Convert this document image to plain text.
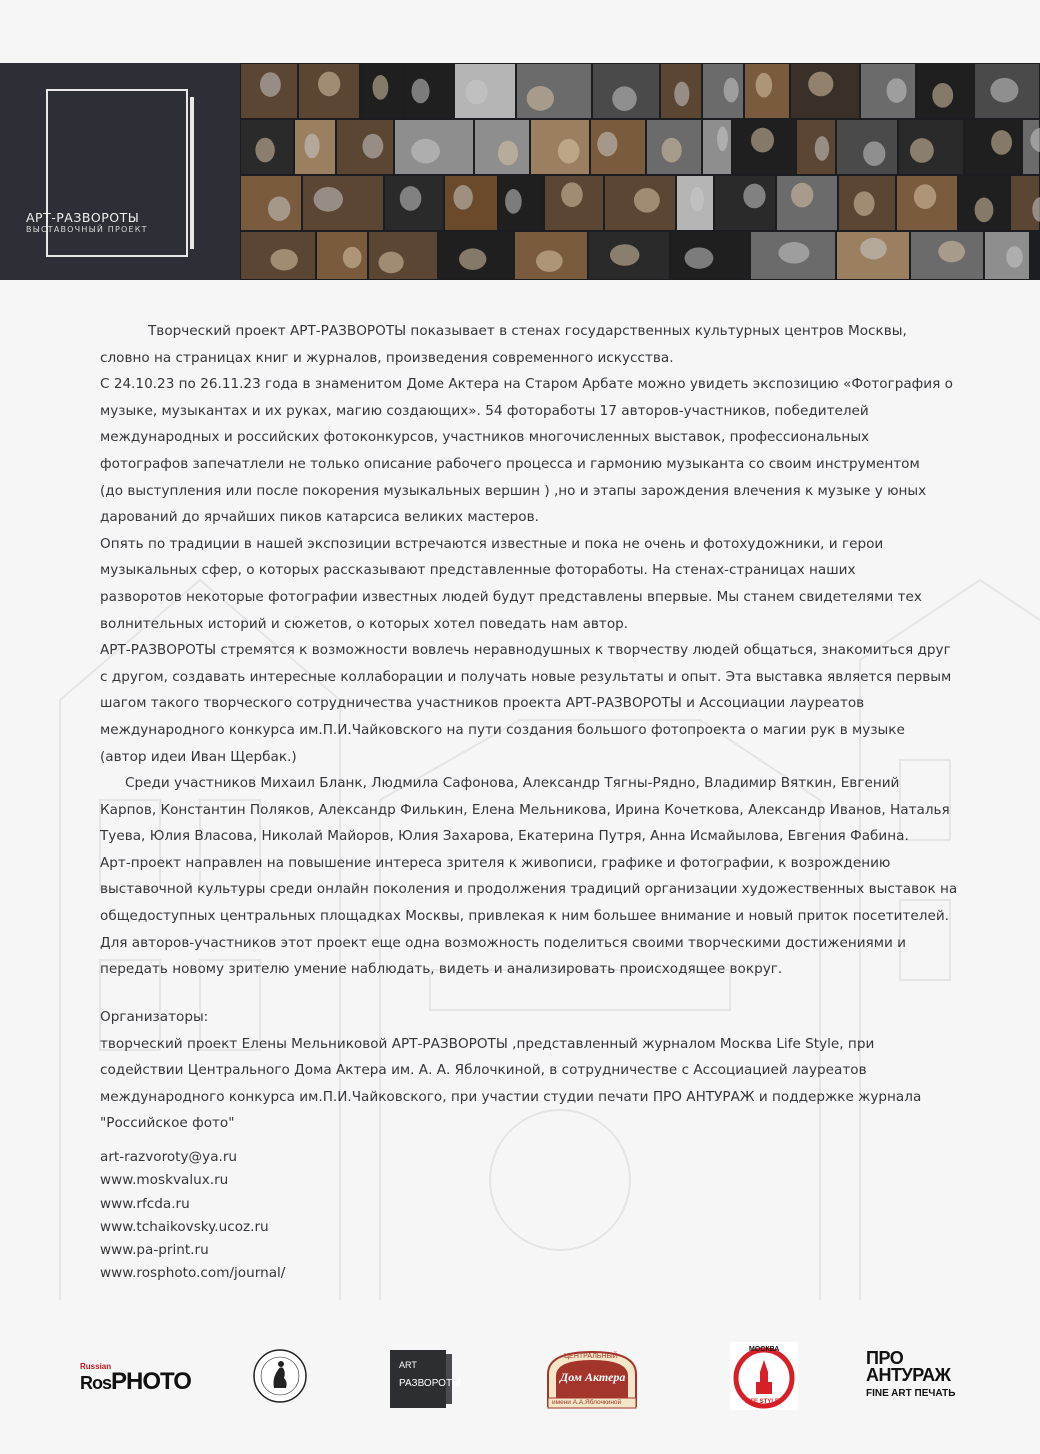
АРТ-РАЗВОРОТЫ
ВЫСТАВОЧНЫЙ ПРОЕКТ

Творческий проект АРТ-РАЗВОРОТЫ показывает в стенах государственных культурных центров Москвы,

словно на страницах книг и журналов, произведения современного искусства.

С 24.10.23 по 26.11.23 года в знаменитом Доме Актера на Старом Арбате можно увидеть экспозицию «Фотография о

музыке, музыкантах и их руках, магию создающих». 54 фотоработы 17 авторов-участников, победителей

международных и российских фотоконкурсов, участников многочисленных выставок, профессиональных

фотографов запечатлели не только описание рабочего процесса и гармонию музыканта со своим инструментом

(до выступления или после покорения музыкальных вершин ) ,но и этапы зарождения влечения к музыке у юных

дарований до ярчайших пиков катарсиса великих мастеров.

Опять по традиции в нашей экспозиции встречаются известные и пока не очень и фотохудожники, и герои

музыкальных сфер, о которых рассказывают представленные фотоработы. На стенах-страницах наших

разворотов некоторые фотографии известных людей будут представлены впервые. Мы станем свидетелями тех

волнительных историй и сюжетов, о которых хотел поведать нам автор.

АРТ-РАЗВОРОТЫ стремятся к возможности вовлечь неравнодушных к творчеству людей общаться, знакомиться друг

с другом, создавать интересные коллаборации и получать новые результаты и опыт. Эта выставка является первым

шагом такого творческого сотрудничества участников проекта АРТ-РАЗВОРОТЫ и Ассоциации лауреатов

международного конкурса им.П.И.Чайковского на пути создания большого фотопроекта о магии рук в музыке

(автор идеи Иван Щербак.)

Среди участников Михаил Бланк, Людмила Сафонова, Александр Тягны-Рядно, Владимир Вяткин, Евгений

Карпов, Константин Поляков, Александр Филькин, Елена Мельникова, Ирина Кочеткова, Александр Иванов, Наталья

Туева, Юлия Власова, Николай Майоров, Юлия Захарова, Екатерина Путря, Анна Исмайылова, Евгения Фабина.

Арт-проект направлен на повышение интереса зрителя к живописи, графике и фотографии, к возрождению

выставочной культуры среди онлайн поколения и продолжения традиций организации художественных выставок на

общедоступных центральных площадках Москвы, привлекая к ним большее внимание и новый приток посетителей.

Для авторов-участников этот проект еще одна возможность поделиться своими творческими достижениями и

передать новому зрителю умение наблюдать, видеть и анализировать происходящее вокруг.

Организаторы:

творческий проект Елены Мельниковой АРТ-РАЗВОРОТЫ ,представленный журналом Москва Life Style, при

содействии Центрального Дома Актера им. А. А. Яблочкиной, в сотрудничестве с Ассоциацией лауреатов

международного конкурса им.П.И.Чайковского, при участии студии печати ПРО АНТУРАЖ и поддержке журнала

"Российское фото"

art-razvoroty@ya.ru
www.moskvalux.ru
www.rfcda.ru
www.tchaikovsky.ucoz.ru
www.pa-print.ru
www.rosphoto.com/journal/
Russian
RosPHOTO
ART
РАЗВОРОТЫ
ЦЕНТРАЛЬНЫЙ
Дом Актера
имени А.А.Яблочкиной
МОСКВА
LIFE STYLE
ПРО
АНТУРАЖ
FINE ART ПЕЧАТЬ
